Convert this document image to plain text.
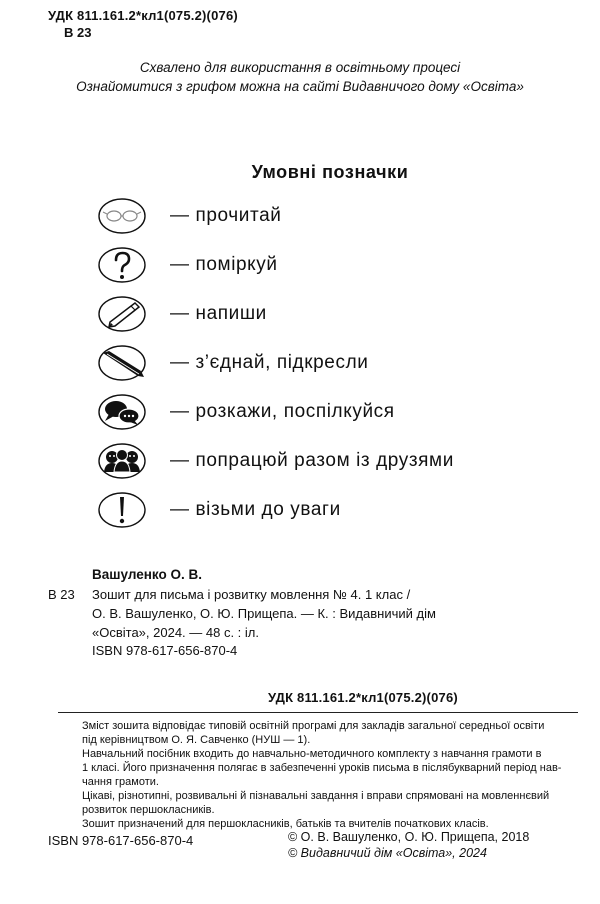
УДК 811.161.2*кл1(075.2)(076)
В 23
Схвалено для використання в освітньому процесі
Ознайомитися з грифом можна на сайті Видавничого дому «Освіта»
Умовні позначки
— прочитай
— поміркуй
— напиши
— з’єднай, підкресли
— розкажи, поспілкуйся
— попрацюй разом із друзями
— візьми до уваги
Вашуленко О. В.
В 23 Зошит для письма і розвитку мовлення № 4. 1 клас /
О. В. Вашуленко, О. Ю. Прищепа. — К. : Видавничий дім
«Освіта», 2024. — 48 с. : іл.
ISBN 978-617-656-870-4
УДК 811.161.2*кл1(075.2)(076)

Зміст зошита відповідає типовій освітній програмі для закладів загальної середньої освіти

під керівництвом О. Я. Савченко (НУШ — 1).

Навчальний посібник входить до навчально-методичного комплекту з навчання грамоти в

1 класі. Його призначення полягає в забезпеченні уроків письма в післябукварний період нав-

чання грамоти.

Цікаві, різнотипні, розвивальні й пізнавальні завдання і вправи спрямовані на мовленнєвий

розвиток першокласників.

Зошит призначений для першокласників, батьків та вчителів початкових класів.

ISBN 978-617-656-870-4	© О. В. Вашуленко, О. Ю. Прищепа, 2018
© Видавничий дім «Освіта», 2024
